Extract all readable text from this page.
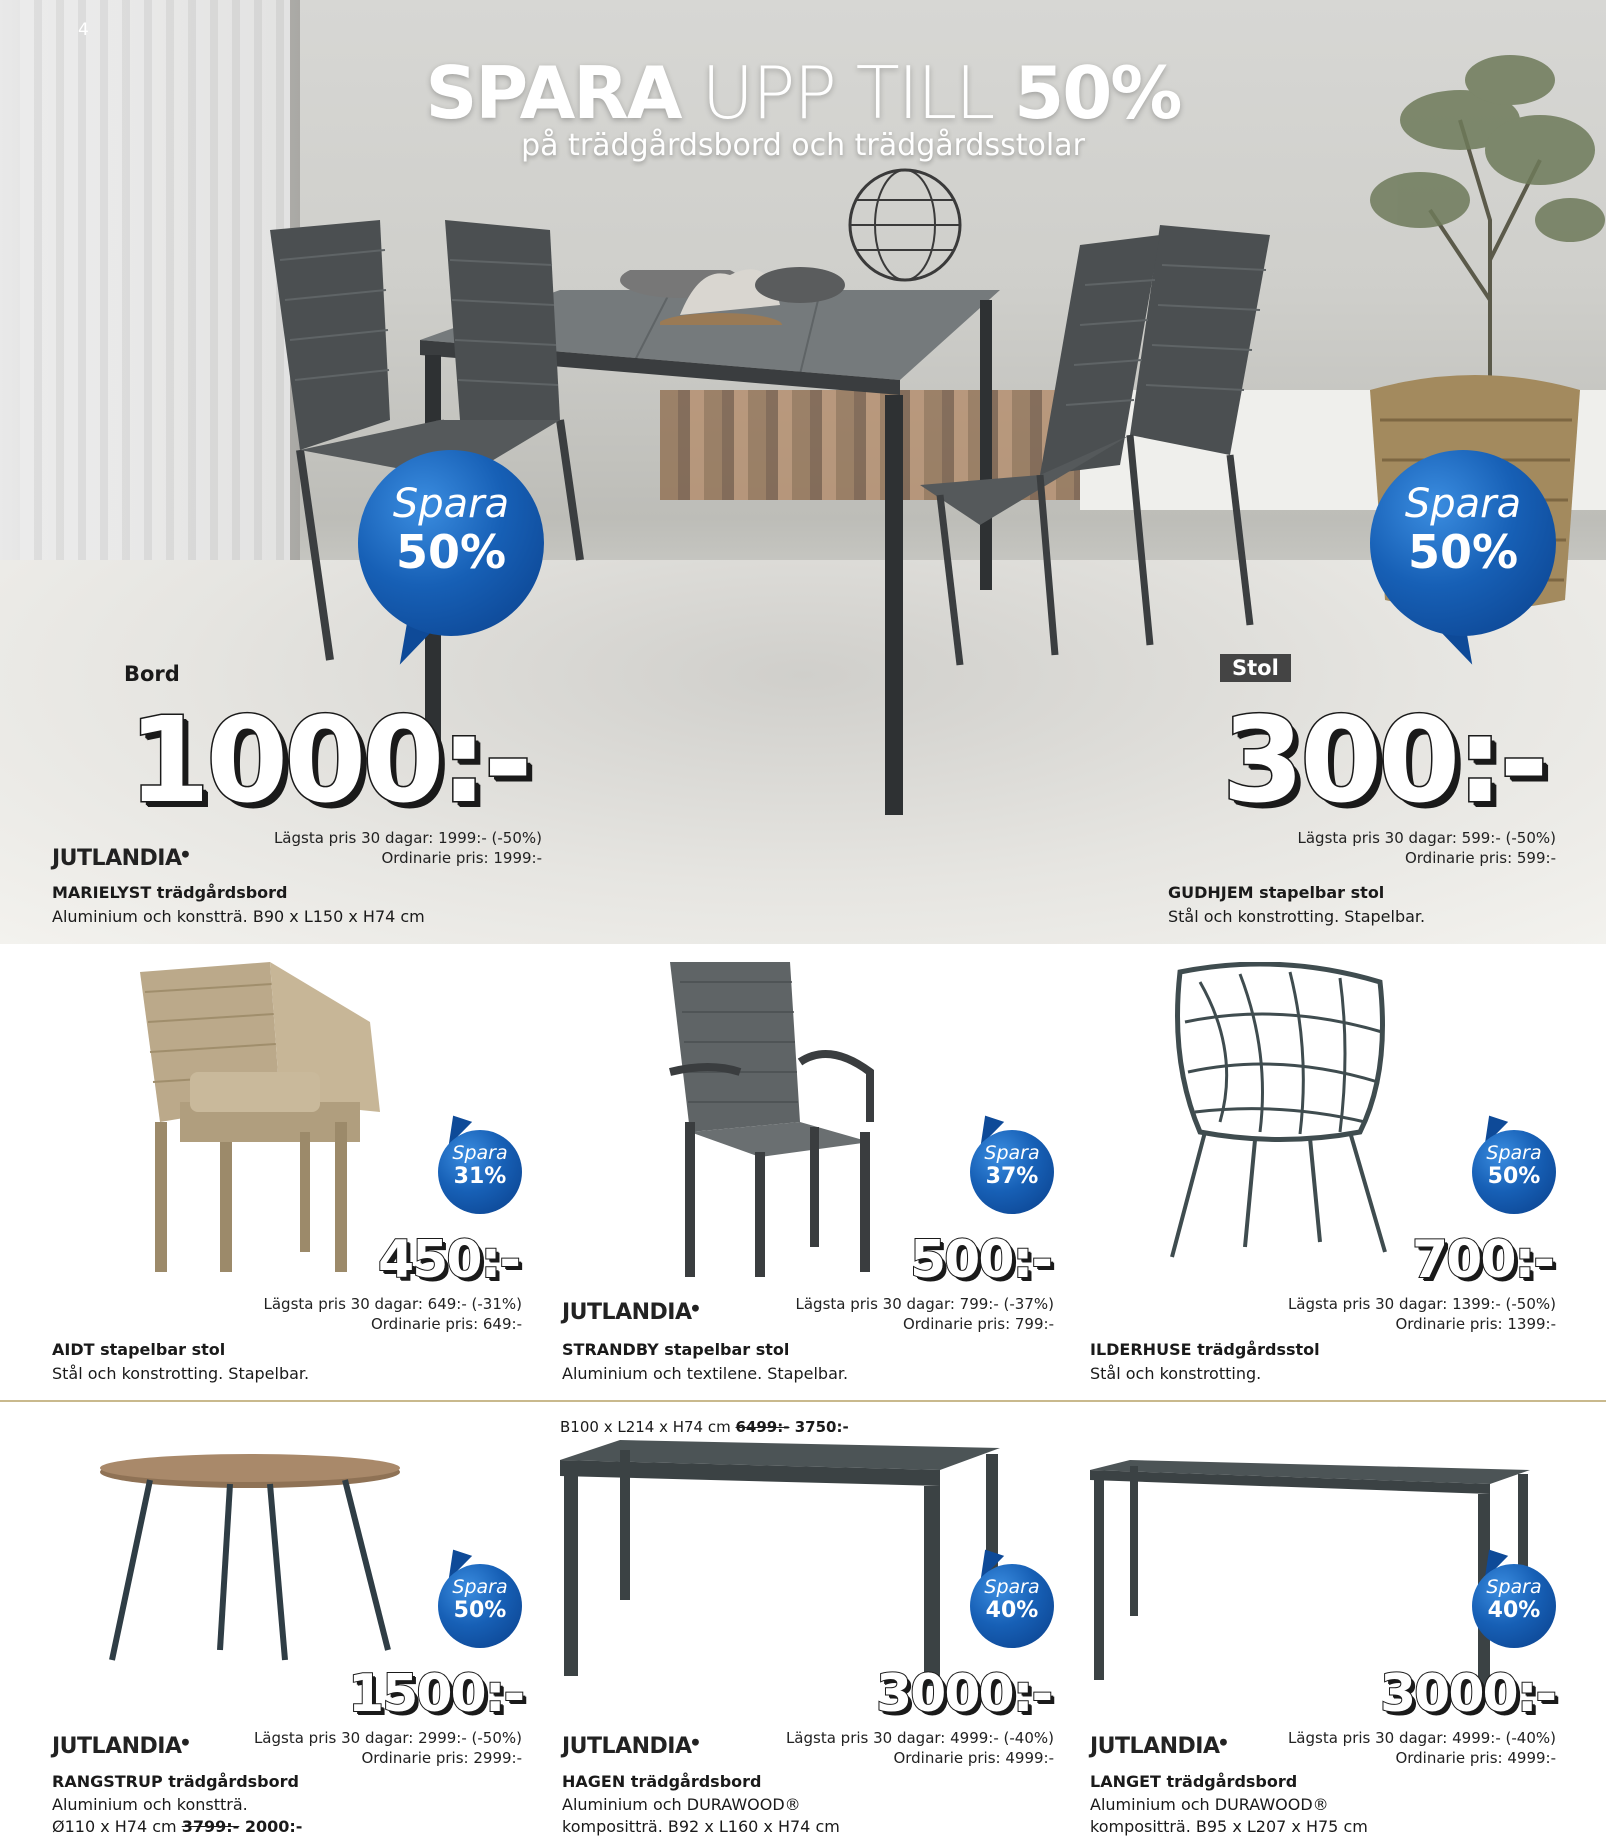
4
SPARA UPP TILL 50%
på trädgårdsbord och trädgårdsstolar
Spara
50%
Spara
50%
Bord	Stol
1000:-	300:-
JUTLANDIA●
Lägsta pris 30 dagar: 1999:- (-50%)
Ordinarie pris: 1999:-
MARIELYST trädgårdsbord
Aluminium och konstträ. B90 x L150 x H74 cm
Lägsta pris 30 dagar: 599:- (-50%)
Ordinarie pris: 599:-
GUDHJEM stapelbar stol
Stål och konstrotting. Stapelbar.
Spara
31%
Spara
37%
Spara
50%
450:-	500:-	700:-
Lägsta pris 30 dagar: 649:- (-31%)
Ordinarie pris: 649:-
AIDT stapelbar stol
Stål och konstrotting. Stapelbar.
JUTLANDIA●	Lägsta pris 30 dagar: 799:- (-37%)
Ordinarie pris: 799:-
STRANDBY stapelbar stol
Aluminium och textilene. Stapelbar.
Lägsta pris 30 dagar: 1399:- (-50%)
Ordinarie pris: 1399:-
ILDERHUSE trädgårdsstol
Stål och konstrotting.
B100 x L214 x H74 cm 6499:- 3750:-
Spara
50%
Spara
40%
Spara
40%
1500:-	3000:-	3000:-
JUTLANDIA●	Lägsta pris 30 dagar: 2999:- (-50%)
Ordinarie pris: 2999:-
RANGSTRUP trädgårdsbord
Aluminium och konstträ.
Ø110 x H74 cm 3799:- 2000:-
JUTLANDIA●	Lägsta pris 30 dagar: 4999:- (-40%)
Ordinarie pris: 4999:-
HAGEN trädgårdsbord
Aluminium och DURAWOOD®
kompositträ. B92 x L160 x H74 cm
JUTLANDIA●	Lägsta pris 30 dagar: 4999:- (-40%)
Ordinarie pris: 4999:-
LANGET trädgårdsbord
Aluminium och DURAWOOD®
kompositträ. B95 x L207 x H75 cm
